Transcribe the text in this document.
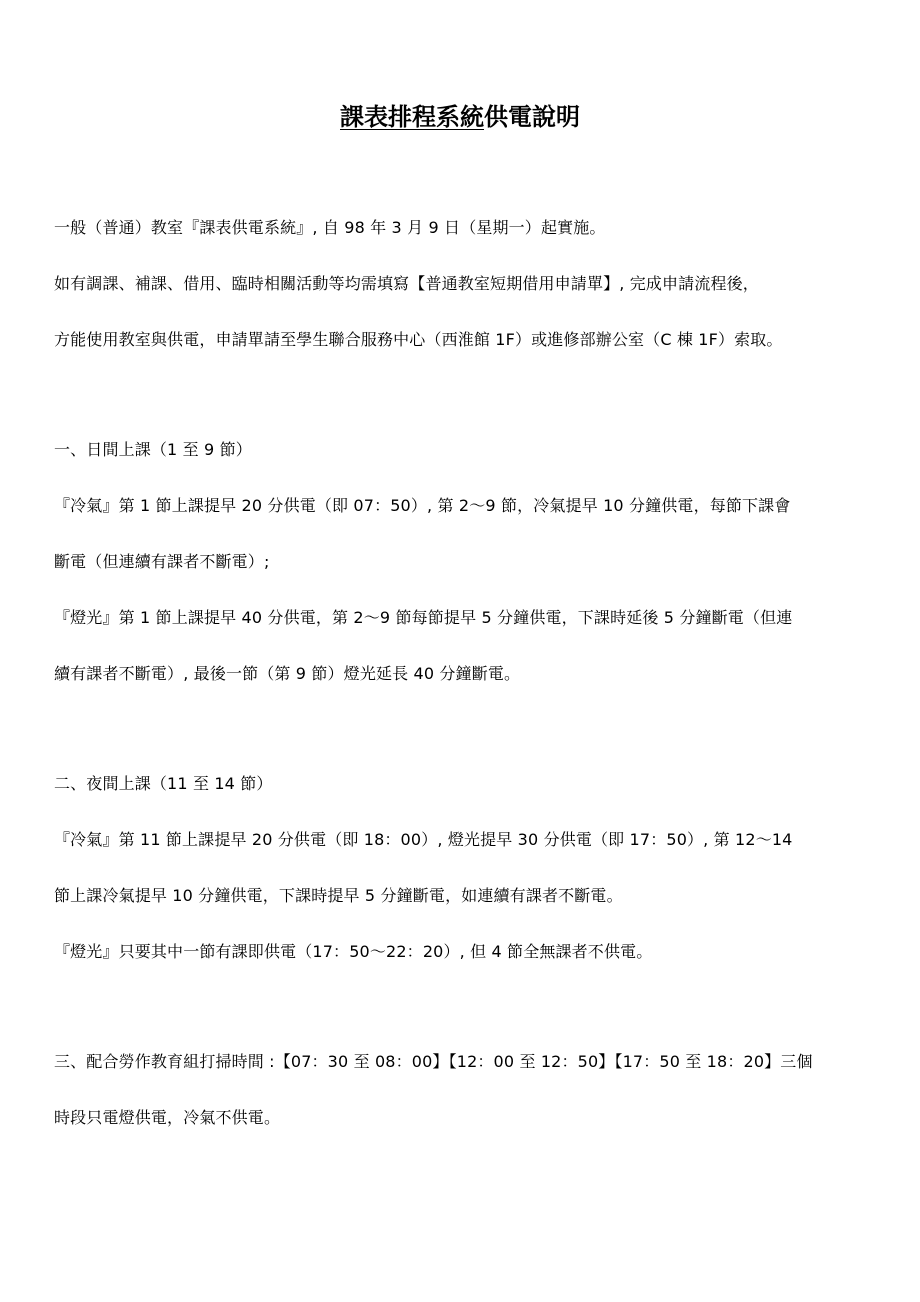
課表排程系統供電說明
一般（普通）教室『課表供電系統』, 自 98 年 3 月 9 日（星期一）起實施。
如有調課、補課、借用、臨時相關活動等均需填寫【普通教室短期借用申請單】, 完成申請流程後，
方能使用教室與供電，申請單請至學生聯合服務中心（西淮館 1F）或進修部辦公室（C 棟 1F）索取。
一、日間上課（1 至 9 節）
『冷氣』第 1 節上課提早 20 分供電（即 07：50）, 第 2～9 節，冷氣提早 10 分鐘供電，每節下課會
斷電（但連續有課者不斷電）;
『燈光』第 1 節上課提早 40 分供電，第 2～9 節每節提早 5 分鐘供電，下課時延後 5 分鐘斷電（但連
續有課者不斷電）, 最後一節（第 9 節）燈光延長 40 分鐘斷電。
二、夜間上課（11 至 14 節）
『冷氣』第 11 節上課提早 20 分供電（即 18：00）, 燈光提早 30 分供電（即 17：50）, 第 12～14
節上課冷氣提早 10 分鐘供電，下課時提早 5 分鐘斷電，如連續有課者不斷電。
『燈光』只要其中一節有課即供電（17：50～22：20）, 但 4 節全無課者不供電。
三、配合勞作教育組打掃時間 :【07：30 至 08：00】【12：00 至 12：50】【17：50 至 18：20】三個
時段只電燈供電，冷氣不供電。
